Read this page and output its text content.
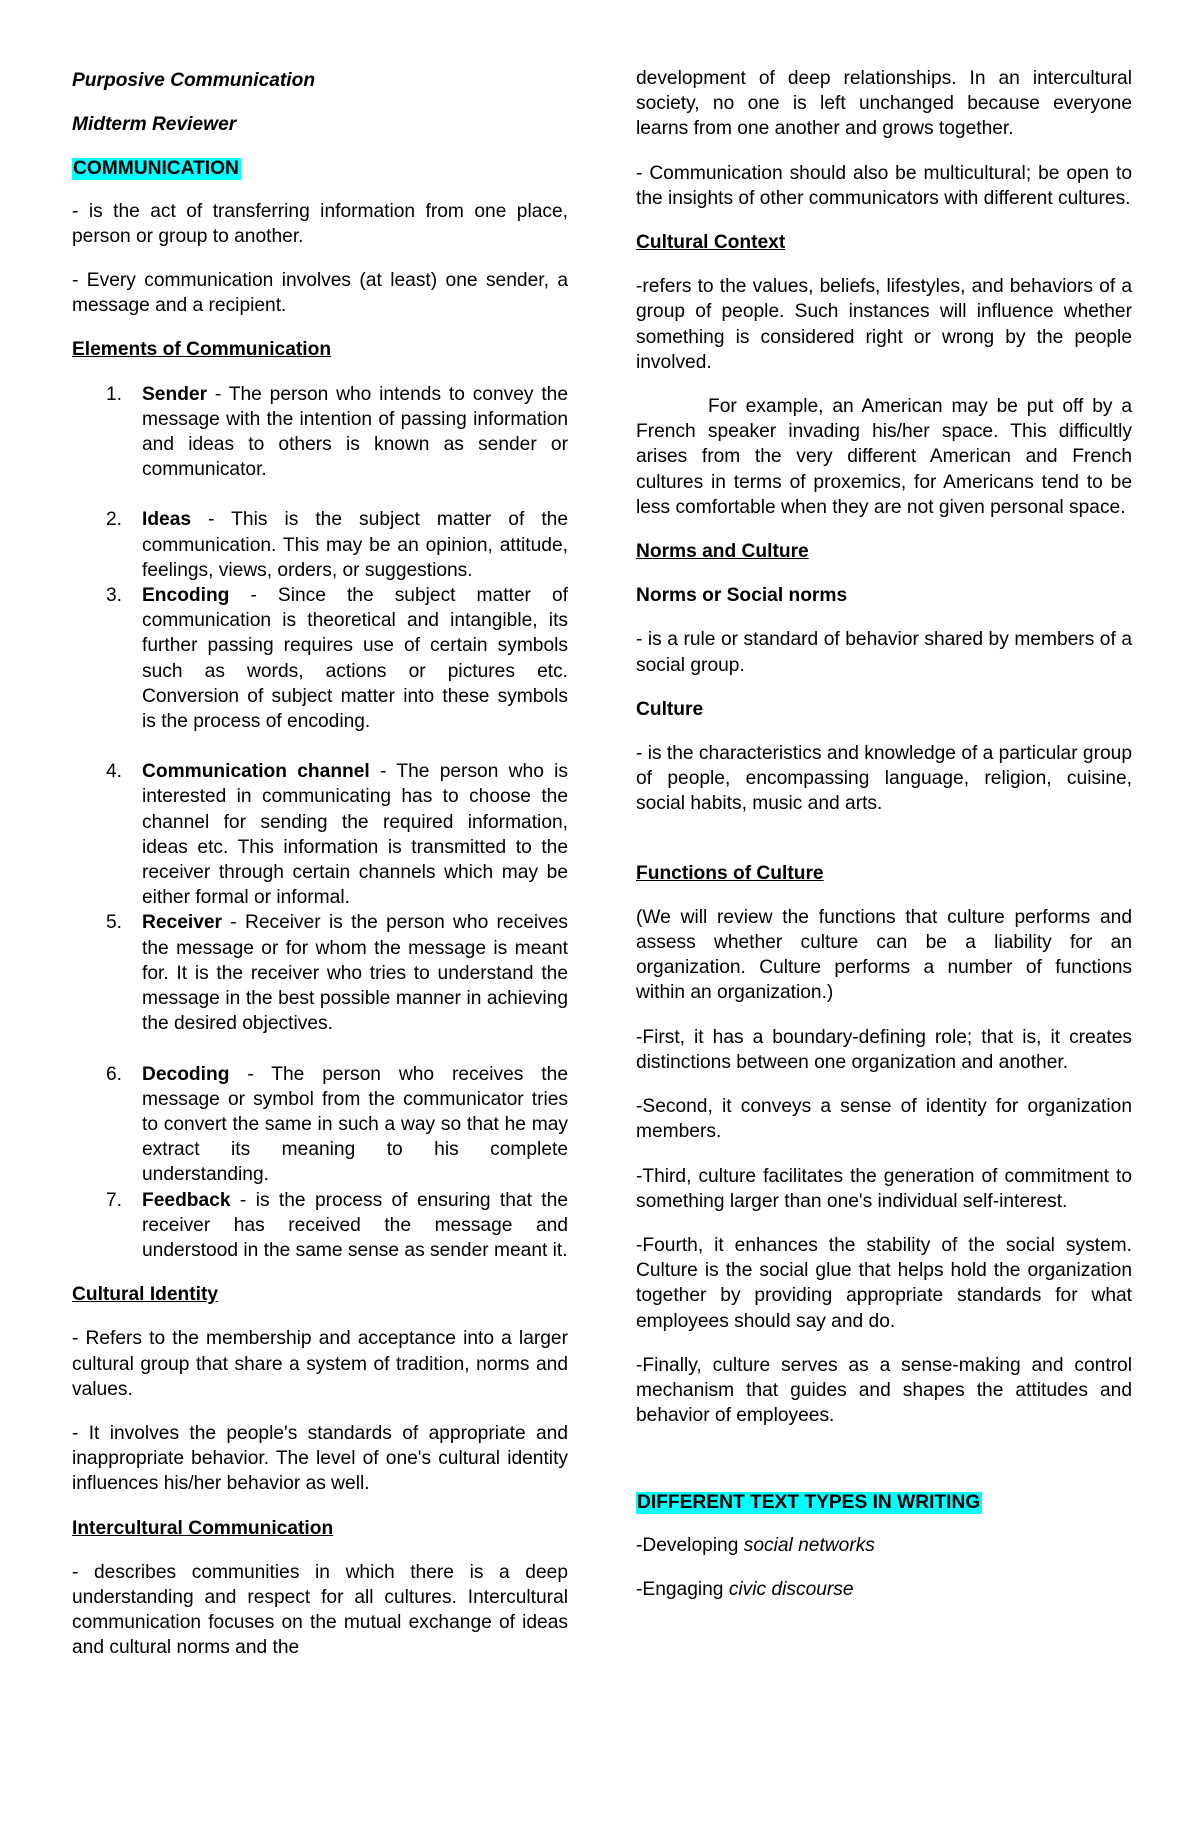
Purposive Communication

Midterm Reviewer

COMMUNICATION

- is the act of transferring information from one place, person or group to another.

- Every communication involves (at least) one sender, a message and a recipient.

Elements of Communication

1. Sender - The person who intends to convey the message with the intention of passing information and ideas to others is known as sender or communicator.
2. Ideas - This is the subject matter of the communication. This may be an opinion, attitude, feelings, views, orders, or suggestions.
3. Encoding - Since the subject matter of communication is theoretical and intangible, its further passing requires use of certain symbols such as words, actions or pictures etc. Conversion of subject matter into these symbols is the process of encoding.
4. Communication channel - The person who is interested in communicating has to choose the channel for sending the required information, ideas etc. This information is transmitted to the receiver through certain channels which may be either formal or informal.
5. Receiver - Receiver is the person who receives the message or for whom the message is meant for. It is the receiver who tries to understand the message in the best possible manner in achieving the desired objectives.
6. Decoding - The person who receives the message or symbol from the communicator tries to convert the same in such a way so that he may extract its meaning to his complete understanding.
7. Feedback - is the process of ensuring that the receiver has received the message and understood in the same sense as sender meant it.

Cultural Identity

- Refers to the membership and acceptance into a larger cultural group that share a system of tradition, norms and values.

- It involves the people's standards of appropriate and inappropriate behavior. The level of one's cultural identity influences his/her behavior as well.

Intercultural Communication

- describes communities in which there is a deep understanding and respect for all cultures. Intercultural communication focuses on the mutual exchange of ideas and cultural norms and the

development of deep relationships. In an intercultural society, no one is left unchanged because everyone learns from one another and grows together.

- Communication should also be multicultural; be open to the insights of other communicators with different cultures.

Cultural Context

-refers to the values, beliefs, lifestyles, and behaviors of a group of people. Such instances will influence whether something is considered right or wrong by the people involved.

For example, an American may be put off by a French speaker invading his/her space. This difficultly arises from the very different American and French cultures in terms of proxemics, for Americans tend to be less comfortable when they are not given personal space.

Norms and Culture

Norms or Social norms

- is a rule or standard of behavior shared by members of a social group.

Culture

- is the characteristics and knowledge of a particular group of people, encompassing language, religion, cuisine, social habits, music and arts.

Functions of Culture

(We will review the functions that culture performs and assess whether culture can be a liability for an organization. Culture performs a number of functions within an organization.)

-First, it has a boundary-defining role; that is, it creates distinctions between one organization and another.

-Second, it conveys a sense of identity for organization members.

-Third, culture facilitates the generation of commitment to something larger than one's individual self-interest.

-Fourth, it enhances the stability of the social system. Culture is the social glue that helps hold the organization together by providing appropriate standards for what employees should say and do.

-Finally, culture serves as a sense-making and control mechanism that guides and shapes the attitudes and behavior of employees.

DIFFERENT TEXT TYPES IN WRITING

-Developing social networks

-Engaging civic discourse
